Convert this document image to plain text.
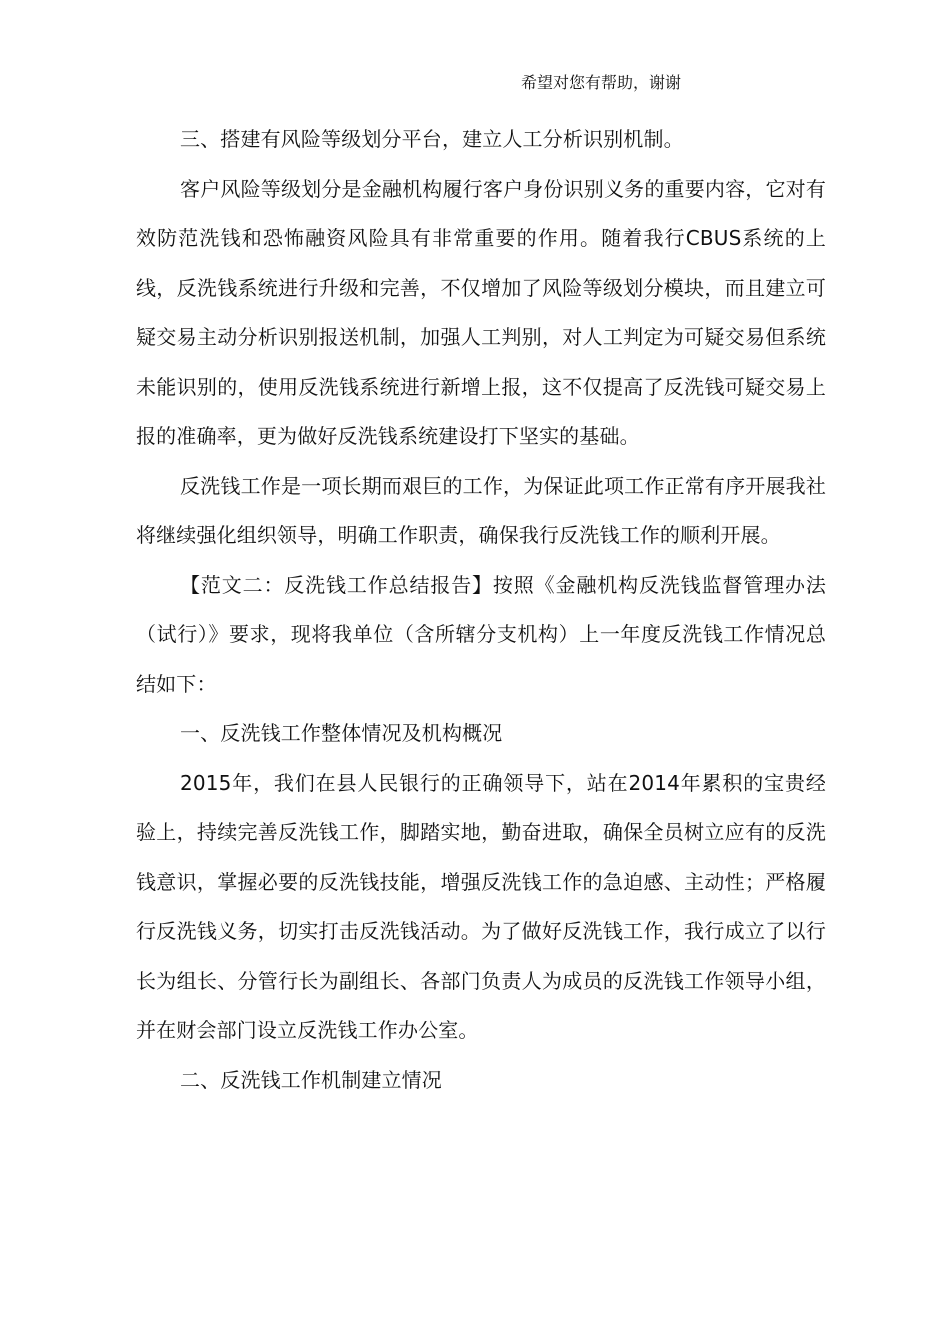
希望对您有帮助，谢谢

三、搭建有风险等级划分平台，建立人工分析识别机制。

客户风险等级划分是金融机构履行客户身份识别义务的重要内容，它对有效防范洗钱和恐怖融资风险具有非常重要的作用。随着我行CBUS系统的上线，反洗钱系统进行升级和完善，不仅增加了风险等级划分模块，而且建立可疑交易主动分析识别报送机制，加强人工判别，对人工判定为可疑交易但系统未能识别的，使用反洗钱系统进行新增上报，这不仅提高了反洗钱可疑交易上报的准确率，更为做好反洗钱系统建设打下坚实的基础。

反洗钱工作是一项长期而艰巨的工作，为保证此项工作正常有序开展我社将继续强化组织领导，明确工作职责，确保我行反洗钱工作的顺利开展。

【范文二：反洗钱工作总结报告】按照《金融机构反洗钱监督管理办法（试行）》要求，现将我单位（含所辖分支机构）上一年度反洗钱工作情况总结如下：

一、反洗钱工作整体情况及机构概况

2015年，我们在县人民银行的正确领导下，站在2014年累积的宝贵经验上，持续完善反洗钱工作，脚踏实地，勤奋进取，确保全员树立应有的反洗钱意识，掌握必要的反洗钱技能，增强反洗钱工作的急迫感、主动性；严格履行反洗钱义务，切实打击反洗钱活动。为了做好反洗钱工作，我行成立了以行长为组长、分管行长为副组长、各部门负责人为成员的反洗钱工作领导小组，并在财会部门设立反洗钱工作办公室。

二、反洗钱工作机制建立情况
